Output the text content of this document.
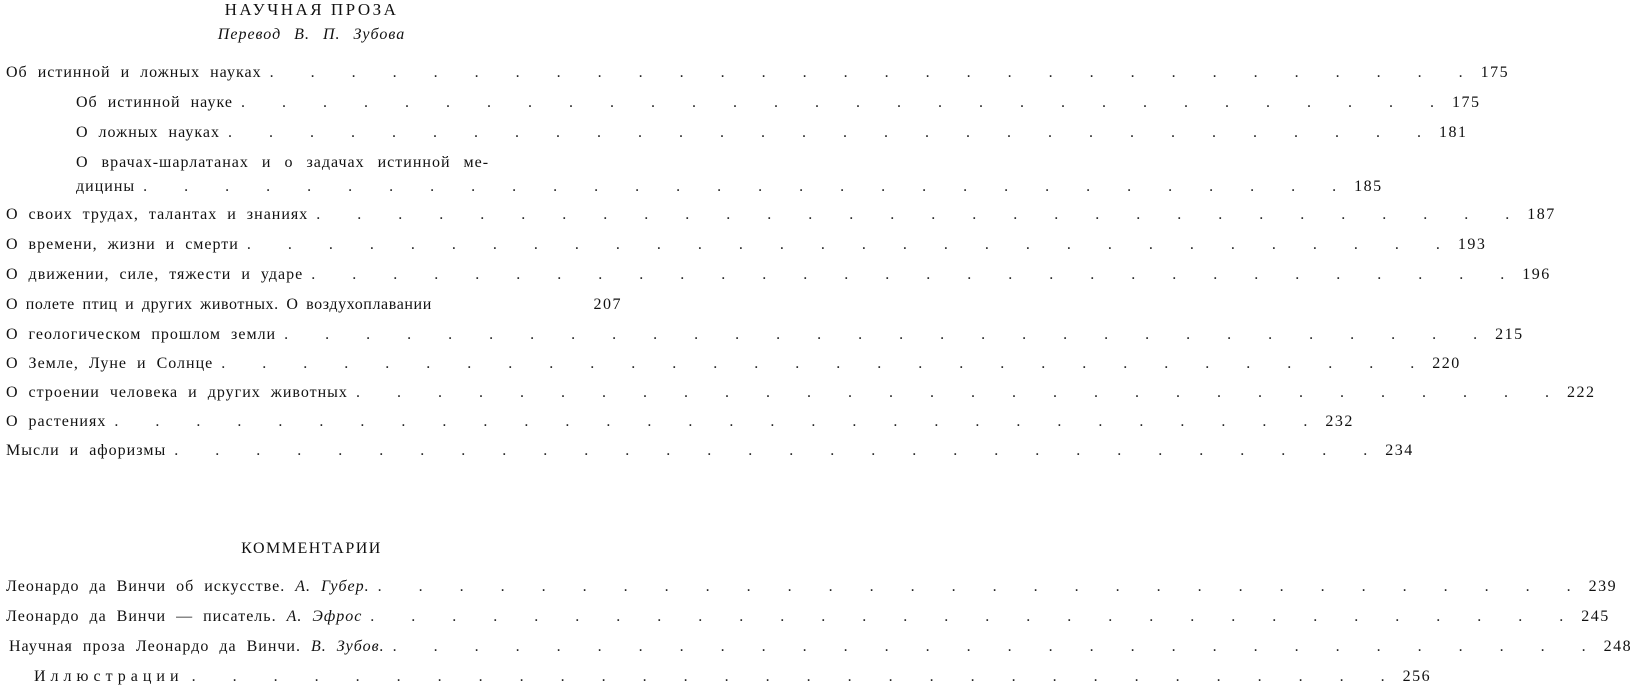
НАУЧНАЯ ПРОЗА
Перевод В. П. Зубова
Об истинной и ложных науках . . . . . . . . . . . . . . . . . . . . . . . . . . . . . . 175
Об истинной науке . . . . . . . . . . . . . . . . . . . . . . . . . . . . . . 175
О ложных науках . . . . . . . . . . . . . . . . . . . . . . . . . . . . . . 181
О врачах-шарлатанах и о задачах истинной ме-
дицины . . . . . . . . . . . . . . . . . . . . . . . . . . . . . . 185
О своих трудах, талантах и знаниях . . . . . . . . . . . . . . . . . . . . . . . . . . . . . . 187
О времени, жизни и смерти . . . . . . . . . . . . . . . . . . . . . . . . . . . . . . 193
О движении, силе, тяжести и ударе . . . . . . . . . . . . . . . . . . . . . . . . . . . . . . 196
О полете птиц и других животных. О воздухоплавании	207
О геологическом прошлом земли . . . . . . . . . . . . . . . . . . . . . . . . . . . . . . 215
О Земле, Луне и Солнце . . . . . . . . . . . . . . . . . . . . . . . . . . . . . . 220
О строении человека и других животных . . . . . . . . . . . . . . . . . . . . . . . . . . . . . . 222
О растениях . . . . . . . . . . . . . . . . . . . . . . . . . . . . . . 232
Мысли и афоризмы . . . . . . . . . . . . . . . . . . . . . . . . . . . . . . 234
КОММЕНТАРИИ
Леонардо да Винчи об искусстве. А. Губер. . . . . . . . . . . . . . . . . . . . . . . . . . . . . . . 239
Леонардо да Винчи — писатель. А. Эфрос . . . . . . . . . . . . . . . . . . . . . . . . . . . . . . 245
Научная проза Леонардо да Винчи. В. Зубов. . . . . . . . . . . . . . . . . . . . . . . . . . . . . . . 248
Иллюстрации . . . . . . . . . . . . . . . . . . . . . . . . . . . . . . 256
